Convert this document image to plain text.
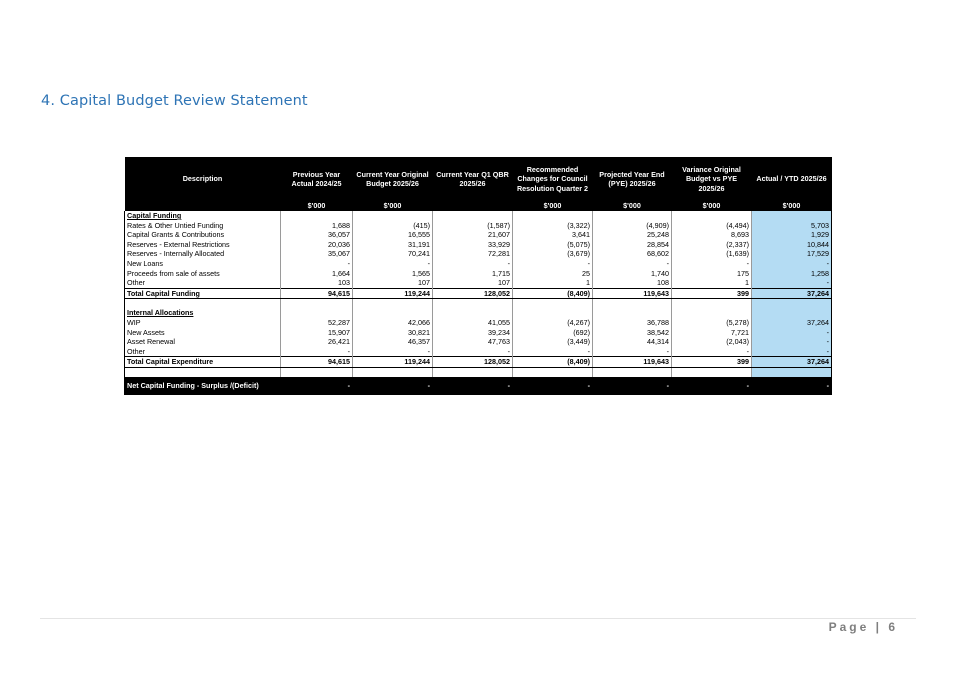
4. Capital Budget Review Statement
Description	Previous Year Actual 2024/25	Current Year Original Budget 2025/26	Current Year Q1 QBR 2025/26	Recommended Changes for Council Resolution Quarter 2	Projected Year End (PYE) 2025/26	Variance Original Budget vs PYE 2025/26	Actual / YTD 2025/26
	$'000	$'000		$'000	$'000	$'000	$'000
Capital Funding							
Rates & Other Untied Funding	1,688	(415)	(1,587)	(3,322)	(4,909)	(4,494)	5,703
Capital Grants & Contributions	36,057	16,555	21,607	3,641	25,248	8,693	1,929
Reserves - External Restrictions	20,036	31,191	33,929	(5,075)	28,854	(2,337)	10,844
Reserves - Internally Allocated	35,067	70,241	72,281	(3,679)	68,602	(1,639)	17,529
New Loans	-	-	-	-	-	-	-
Proceeds from sale of assets	1,664	1,565	1,715	25	1,740	175	1,258
Other	103	107	107	1	108	1	-
Total Capital Funding	94,615	119,244	128,052	(8,409)	119,643	399	37,264

Internal Allocations							
WIP	52,287	42,066	41,055	(4,267)	36,788	(5,278)	37,264
New Assets	15,907	30,821	39,234	(692)	38,542	7,721	-
Asset Renewal	26,421	46,357	47,763	(3,449)	44,314	(2,043)	-
Other	-	-	-	-	-	-	-
Total Capital Expenditure	94,615	119,244	128,052	(8,409)	119,643	399	37,264

Net Capital Funding - Surplus /(Deficit)	-	-	-	-	-	-	-
Page | 6
